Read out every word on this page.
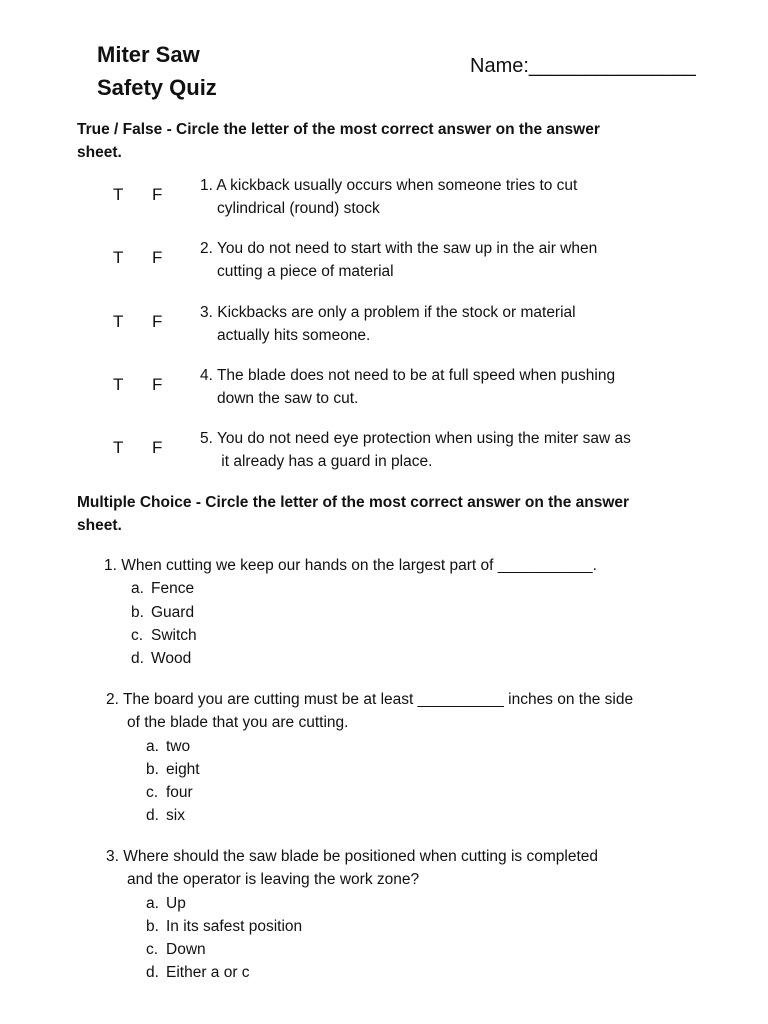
Miter Saw
Safety Quiz
Name:_______________

True / False - Circle the letter of the most correct answer on the answer
sheet.

T F 1. A kickback usually occurs when someone tries to cut
cylindrical (round) stock
T F 2. You do not need to start with the saw up in the air when
cutting a piece of material
T F 3. Kickbacks are only a problem if the stock or material
actually hits someone.
T F 4. The blade does not need to be at full speed when pushing
down the saw to cut.
T F 5. You do not need eye protection when using the miter saw as
it already has a guard in place.

Multiple Choice - Circle the letter of the most correct answer on the answer
sheet.

1. When cutting we keep our hands on the largest part of ___________.
a. Fence
b. Guard
c. Switch
d. Wood
2. The board you are cutting must be at least __________ inches on the side
of the blade that you are cutting.
a. two
b. eight
c. four
d. six
3. Where should the saw blade be positioned when cutting is completed
and the operator is leaving the work zone?
a. Up
b. In its safest position
c. Down
d. Either a or c
